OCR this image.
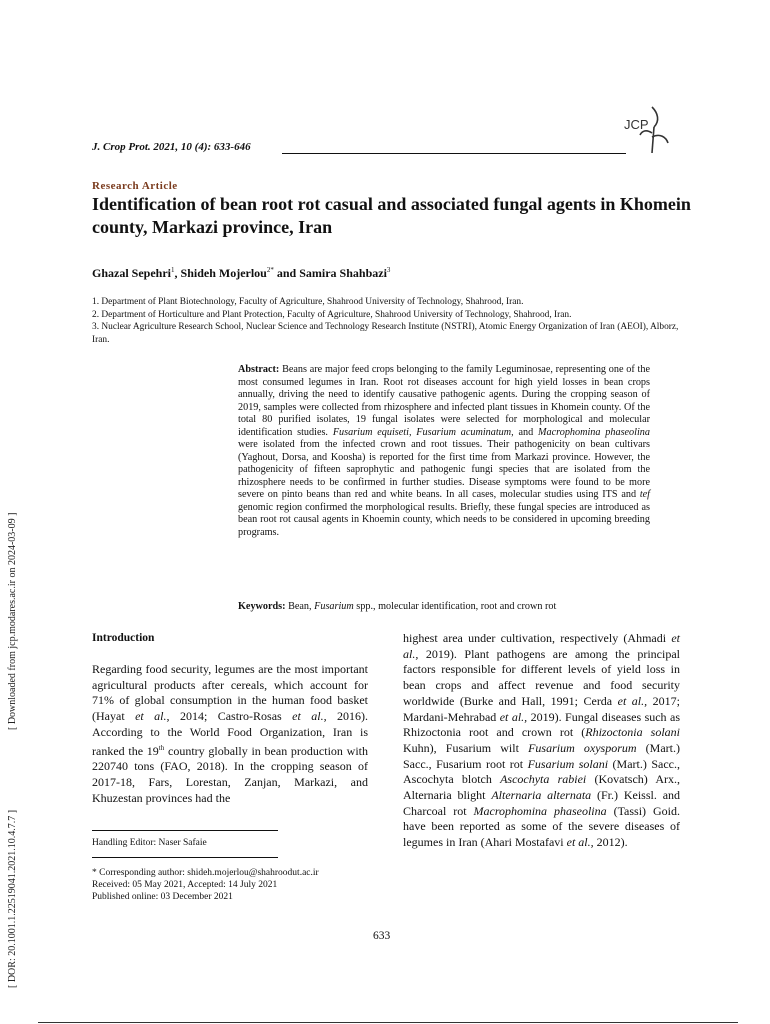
[ Downloaded from jcp.modares.ac.ir on 2024-03-09 ]
[ DOR: 20.1001.1.22519041.2021.10.4.7.7 ]
J. Crop Prot. 2021, 10 (4): 633-646
JCP
Research Article
Identification of bean root rot casual and associated fungal agents in Khomein county, Markazi province, Iran
Ghazal Sepehri$^1$, Shideh Mojerlou$^{2*}$ and Samira Shahbazi$^3$

1. Department of Plant Biotechnology, Faculty of Agriculture, Shahrood University of Technology, Shahrood, Iran.

2. Department of Horticulture and Plant Protection, Faculty of Agriculture, Shahrood University of Technology, Shahrood, Iran.

3. Nuclear Agriculture Research School, Nuclear Science and Technology Research Institute (NSTRI), Atomic Energy Organization of Iran (AEOI), Alborz, Iran.

Abstract: Beans are major feed crops belonging to the family Leguminosae, representing one of the most consumed legumes in Iran. Root rot diseases account for high yield losses in bean crops annually, driving the need to identify causative pathogenic agents. During the cropping season of 2019, samples were collected from rhizosphere and infected plant tissues in Khomein county. Of the total 80 purified isolates, 19 fungal isolates were selected for morphological and molecular identification studies. Fusarium equiseti, Fusarium acuminatum, and Macrophomina phaseolina were isolated from the infected crown and root tissues. Their pathogenicity on bean cultivars (Yaghout, Dorsa, and Koosha) is reported for the first time from Markazi province. However, the pathogenicity of fifteen saprophytic and pathogenic fungi species that are isolated from the rhizosphere needs to be confirmed in further studies. Disease symptoms were found to be more severe on pinto beans than red and white beans. In all cases, molecular studies using ITS and tef genomic region confirmed the morphological results. Briefly, these fungal species are introduced as bean root rot causal agents in Khoemin county, which needs to be considered in upcoming breeding programs.
Keywords: Bean, Fusarium spp., molecular identification, root and crown rot
Introduction
Regarding food security, legumes are the most important agricultural products after cereals, which account for 71% of global consumption in the human food basket (Hayat et al., 2014; Castro-Rosas et al., 2016). According to the World Food Organization, Iran is ranked the 19th country globally in bean production with 220740 tons (FAO, 2018). In the cropping season of 2017-18, Fars, Lorestan, Zanjan, Markazi, and Khuzestan provinces had the
highest area under cultivation, respectively (Ahmadi et al., 2019). Plant pathogens are among the principal factors responsible for different levels of yield loss in bean crops and affect revenue and food security worldwide (Burke and Hall, 1991; Cerda et al., 2017; Mardani-Mehrabad et al., 2019). Fungal diseases such as Rhizoctonia root and crown rot (Rhizoctonia solani Kuhn), Fusarium wilt Fusarium oxysporum (Mart.) Sacc., Fusarium root rot Fusarium solani (Mart.) Sacc., Ascochyta blotch Ascochyta rabiei (Kovatsch) Arx., Alternaria blight Alternaria alternata (Fr.) Keissl. and Charcoal rot Macrophomina phaseolina (Tassi) Goid. have been reported as some of the severe diseases of legumes in Iran (Ahari Mostafavi et al., 2012).
Handling Editor: Naser Safaie
* Corresponding author: shideh.mojerlou@shahroodut.ac.ir
Received: 05 May 2021, Accepted: 14 July 2021
Published online: 03 December 2021
633
